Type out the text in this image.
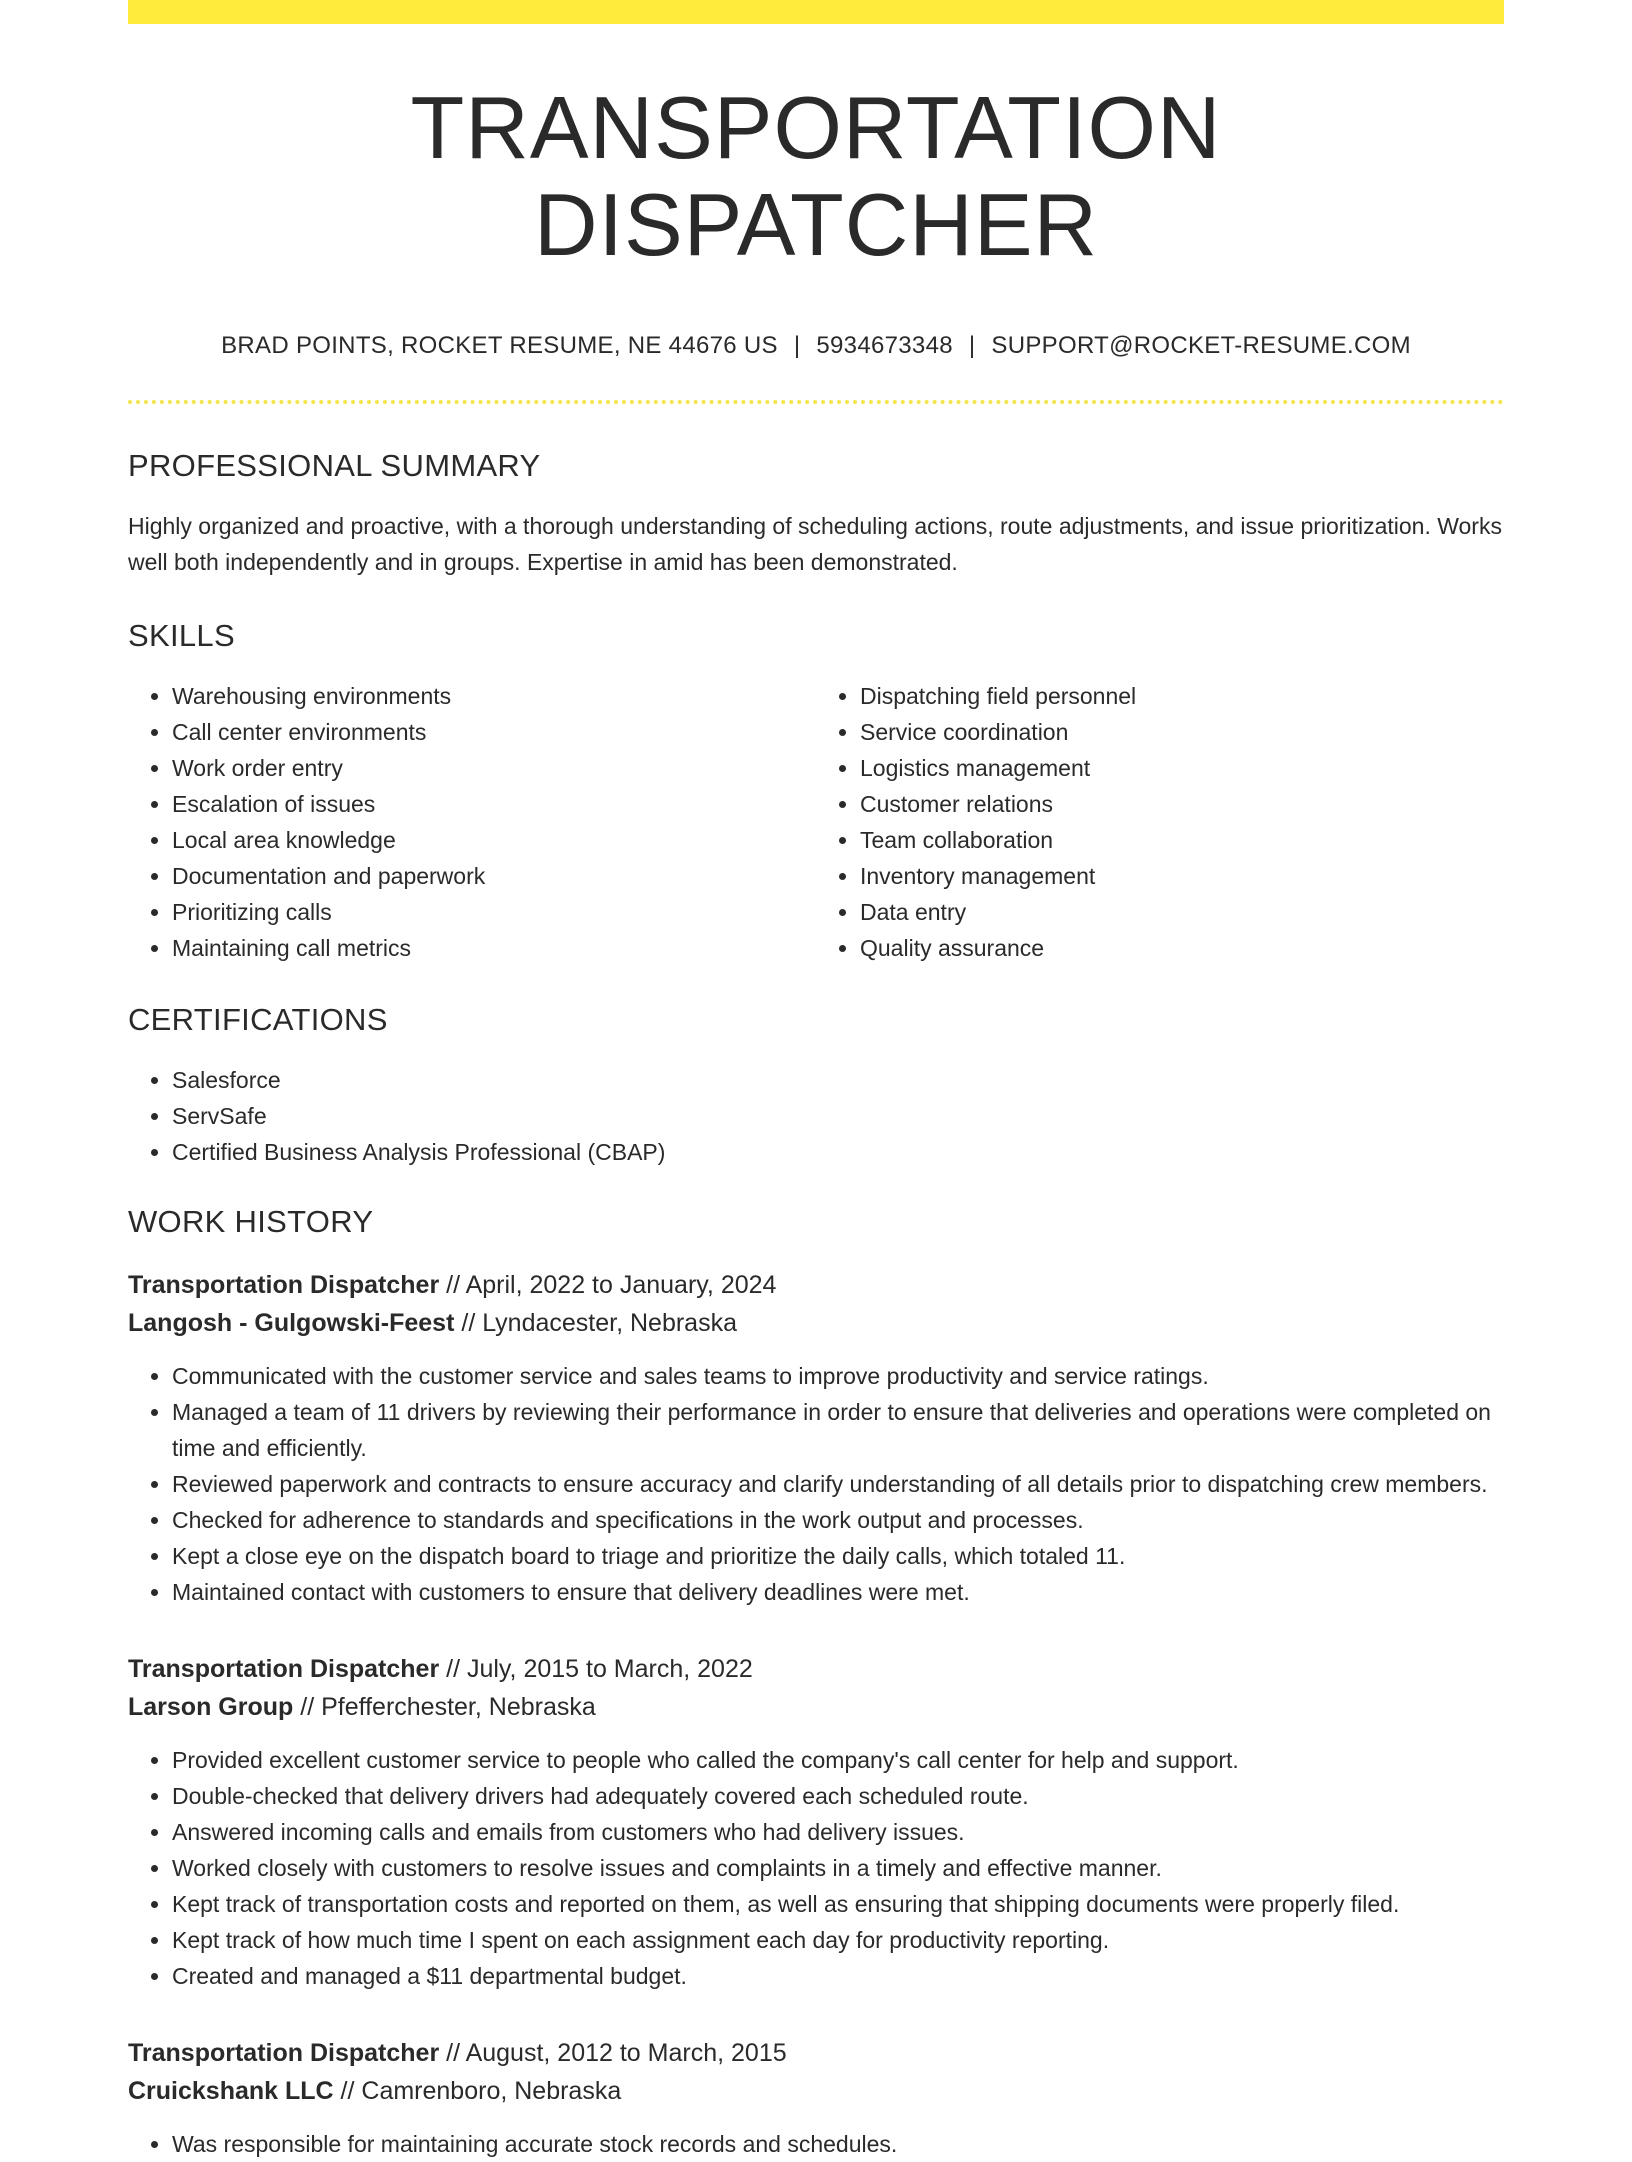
TRANSPORTATION DISPATCHER
BRAD POINTS, ROCKET RESUME, NE 44676 US | 5934673348 | SUPPORT@ROCKET-RESUME.COM
PROFESSIONAL SUMMARY
Highly organized and proactive, with a thorough understanding of scheduling actions, route adjustments, and issue prioritization. Works well both independently and in groups. Expertise in amid has been demonstrated.
SKILLS
• Warehousing environments
• Call center environments
• Work order entry
• Escalation of issues
• Local area knowledge
• Documentation and paperwork
• Prioritizing calls
• Maintaining call metrics
• Dispatching field personnel
• Service coordination
• Logistics management
• Customer relations
• Team collaboration
• Inventory management
• Data entry
• Quality assurance
CERTIFICATIONS
• Salesforce
• ServSafe
• Certified Business Analysis Professional (CBAP)
WORK HISTORY
Transportation Dispatcher // April, 2022 to January, 2024
Langosh - Gulgowski-Feest // Lyndacester, Nebraska
• Communicated with the customer service and sales teams to improve productivity and service ratings.
• Managed a team of 11 drivers by reviewing their performance in order to ensure that deliveries and operations were completed on time and efficiently.
• Reviewed paperwork and contracts to ensure accuracy and clarify understanding of all details prior to dispatching crew members.
• Checked for adherence to standards and specifications in the work output and processes.
• Kept a close eye on the dispatch board to triage and prioritize the daily calls, which totaled 11.
• Maintained contact with customers to ensure that delivery deadlines were met.
Transportation Dispatcher // July, 2015 to March, 2022
Larson Group // Pfefferchester, Nebraska
• Provided excellent customer service to people who called the company's call center for help and support.
• Double-checked that delivery drivers had adequately covered each scheduled route.
• Answered incoming calls and emails from customers who had delivery issues.
• Worked closely with customers to resolve issues and complaints in a timely and effective manner.
• Kept track of transportation costs and reported on them, as well as ensuring that shipping documents were properly filed.
• Kept track of how much time I spent on each assignment each day for productivity reporting.
• Created and managed a $11 departmental budget.
Transportation Dispatcher // August, 2012 to March, 2015
Cruickshank LLC // Camrenboro, Nebraska
• Was responsible for maintaining accurate stock records and schedules.
